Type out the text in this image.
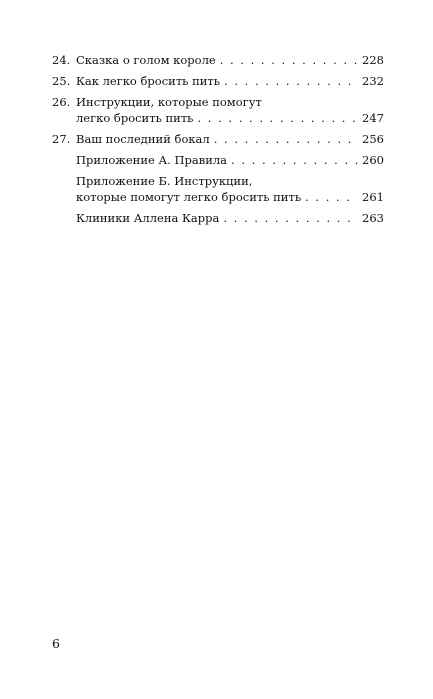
24. Сказка о голом короле . . .	228
25. Как легко бросить пить . . .	232
26. Инструкции, которые помогут
легко бросить пить . . .	247
27. Ваш последний бокал . . .	256
Приложение А. Правила . . .	260
Приложение Б. Инструкции,
которые помогут легко бросить пить . . .	261
Клиники Аллена Карра . . .	263
6
